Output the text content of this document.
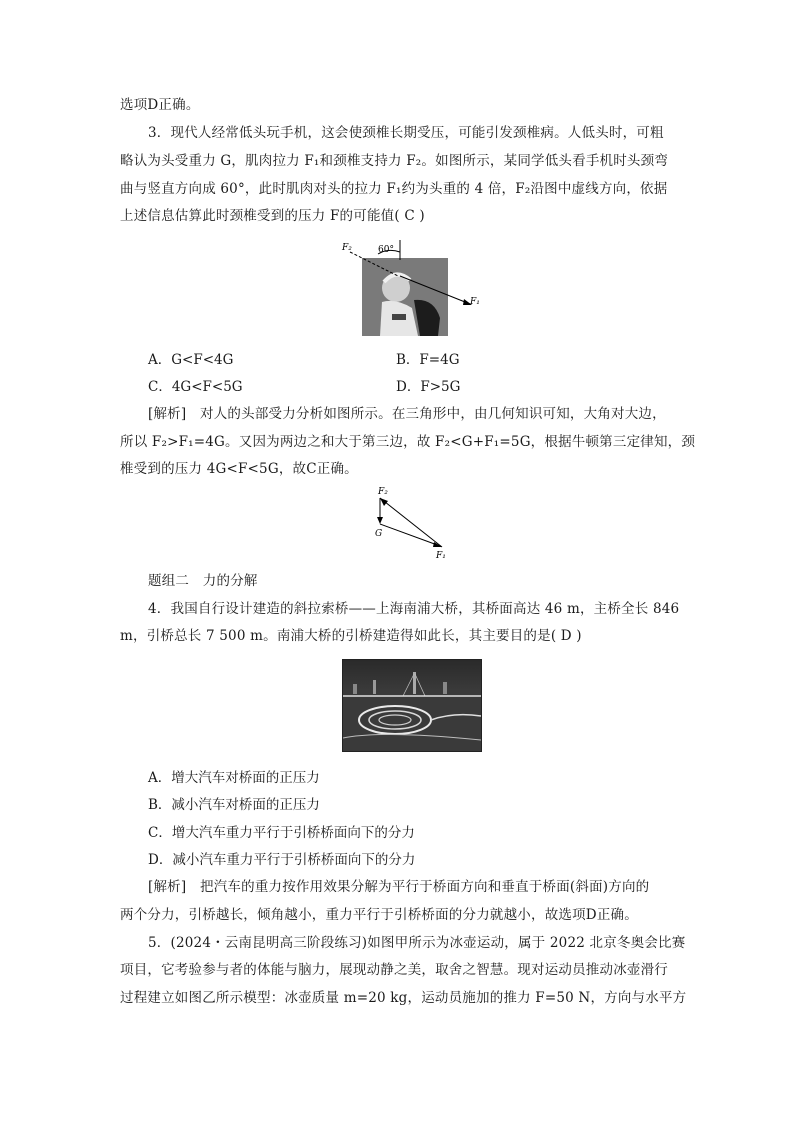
选项D正确。
3．现代人经常低头玩手机，这会使颈椎长期受压，可能引发颈椎病。人低头时，可粗
略认为头受重力 G，肌肉拉力 F₁和颈椎支持力 F₂。如图所示，某同学低头看手机时头颈弯
曲与竖直方向成 60°，此时肌肉对头的拉力 F₁约为头重的 4 倍，F₂沿图中虚线方向，依据
上述信息估算此时颈椎受到的压力 F的可能值( C )
F₂	60°
F₁
A．G<F<4G	B．F=4G
C．4G<F<5G	D．F>5G
[解析]　对人的头部受力分析如图所示。在三角形中，由几何知识可知，大角对大边，
所以 F₂>F₁=4G。又因为两边之和大于第三边，故 F₂<G+F₁=5G，根据牛顿第三定律知，颈
椎受到的压力 4G<F<5G，故C正确。
F₂
G
F₁
题组二　力的分解
4．我国自行设计建造的斜拉索桥——上海南浦大桥，其桥面高达 46 m，主桥全长 846
m，引桥总长 7 500 m。南浦大桥的引桥建造得如此长，其主要目的是( D )
A．增大汽车对桥面的正压力
B．减小汽车对桥面的正压力
C．增大汽车重力平行于引桥桥面向下的分力
D．减小汽车重力平行于引桥桥面向下的分力
[解析]　把汽车的重力按作用效果分解为平行于桥面方向和垂直于桥面(斜面)方向的
两个分力，引桥越长，倾角越小，重力平行于引桥桥面的分力就越小，故选项D正确。
5．(2024・云南昆明高三阶段练习)如图甲所示为冰壶运动，属于 2022 北京冬奥会比赛
项目，它考验参与者的体能与脑力，展现动静之美，取舍之智慧。现对运动员推动冰壶滑行
过程建立如图乙所示模型：冰壶质量 m=20 kg，运动员施加的推力 F=50 N，方向与水平方
